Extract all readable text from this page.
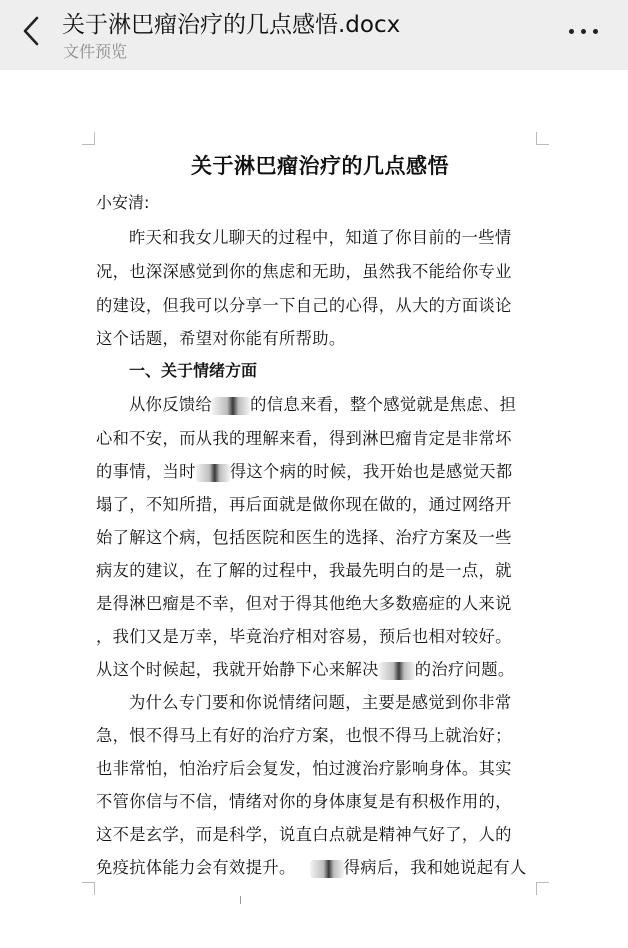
关于淋巴瘤治疗的几点感悟.docx
文件预览
关于淋巴瘤治疗的几点感悟
小安清:
昨天和我女儿聊天的过程中，知道了你目前的一些情
况，也深深感觉到你的焦虑和无助，虽然我不能给你专业
的建设，但我可以分享一下自己的心得，从大的方面谈论
这个话题，希望对你能有所帮助。
一、关于情绪方面
从你反馈给 的信息来看，整个感觉就是焦虑、担
心和不安，而从我的理解来看，得到淋巴瘤肯定是非常坏
的事情，当时 得这个病的时候，我开始也是感觉天都
塌了，不知所措，再后面就是做你现在做的，通过网络开
始了解这个病，包括医院和医生的选择、治疗方案及一些
病友的建议，在了解的过程中，我最先明白的是一点，就
是得淋巴瘤是不幸，但对于得其他绝大多数癌症的人来说
，我们又是万幸，毕竟治疗相对容易，预后也相对较好。
从这个时候起，我就开始静下心来解决 的治疗问题。
为什么专门要和你说情绪问题，主要是感觉到你非常
急，恨不得马上有好的治疗方案，也恨不得马上就治好；
也非常怕，怕治疗后会复发，怕过渡治疗影响身体。其实
不管你信与不信，情绪对你的身体康复是有积极作用的，
这不是玄学，而是科学，说直白点就是精神气好了，人的
免疫抗体能力会有效提升。	得病后，我和她说起有人
